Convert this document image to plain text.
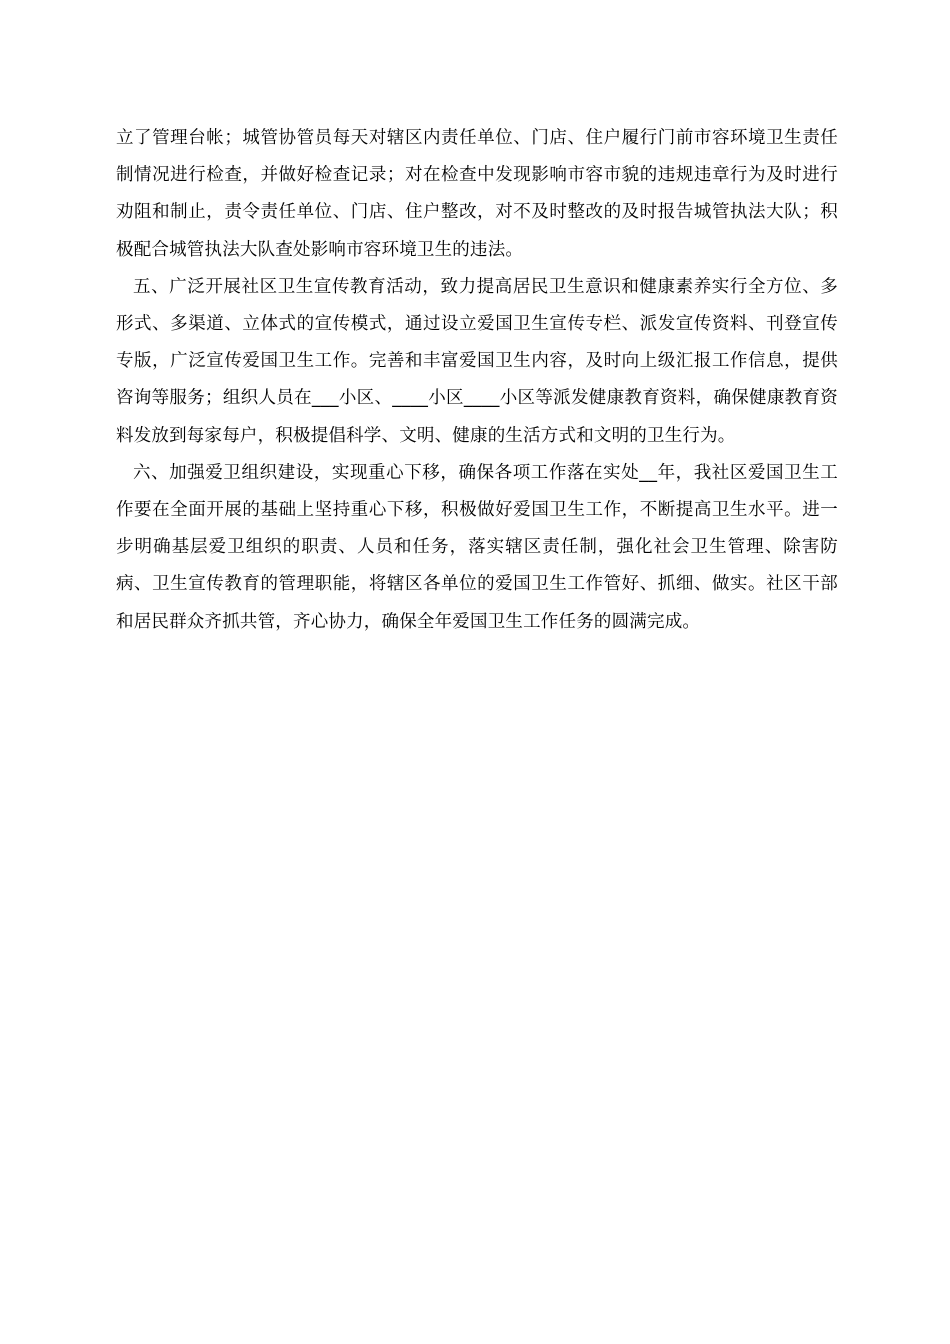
立了管理台帐；城管协管员每天对辖区内责任单位、门店、住户履行门前市容环境卫生责任制情况进行检查，并做好检查记录；对在检查中发现影响市容市貌的违规违章行为及时进行劝阻和制止，责令责任单位、门店、住户整改，对不及时整改的及时报告城管执法大队；积极配合城管执法大队查处影响市容环境卫生的违法。

五、广泛开展社区卫生宣传教育活动，致力提高居民卫生意识和健康素养实行全方位、多形式、多渠道、立体式的宣传模式，通过设立爱国卫生宣传专栏、派发宣传资料、刊登宣传专版，广泛宣传爱国卫生工作。完善和丰富爱国卫生内容，及时向上级汇报工作信息，提供咨询等服务；组织人员在___小区、____小区____小区等派发健康教育资料，确保健康教育资料发放到每家每户，积极提倡科学、文明、健康的生活方式和文明的卫生行为。

六、加强爱卫组织建设，实现重心下移，确保各项工作落在实处__年，我社区爱国卫生工作要在全面开展的基础上坚持重心下移，积极做好爱国卫生工作，不断提高卫生水平。进一步明确基层爱卫组织的职责、人员和任务，落实辖区责任制，强化社会卫生管理、除害防病、卫生宣传教育的管理职能，将辖区各单位的爱国卫生工作管好、抓细、做实。社区干部和居民群众齐抓共管，齐心协力，确保全年爱国卫生工作任务的圆满完成。
